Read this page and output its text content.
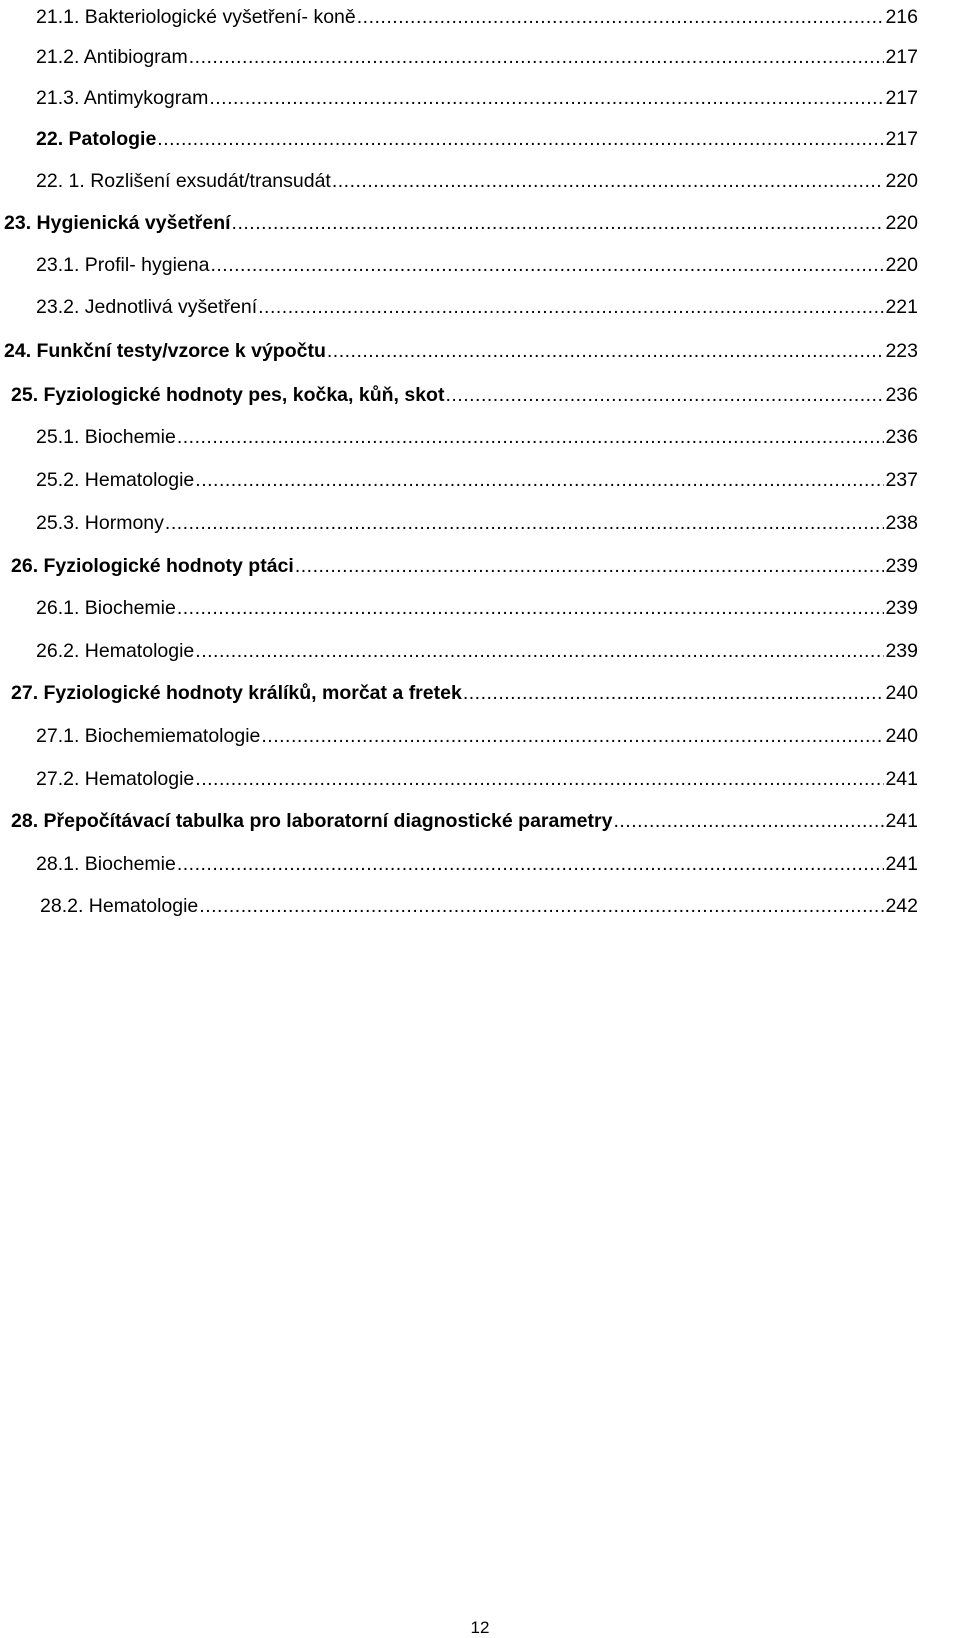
21.1. Bakteriologické vyšetření- koně .....	216
21.2. Antibiogram .....	217
21.3. Antimykogram .....	217
22. Patologie .....	217
22. 1. Rozlišení exsudát/transudát .....	220
23. Hygienická vyšetření .....	220
23.1. Profil- hygiena .....	220
23.2. Jednotlivá vyšetření .....	221
24. Funkční testy/vzorce k výpočtu .....	223
25. Fyziologické hodnoty pes, kočka, kůň, skot .....	236
25.1. Biochemie .....	236
25.2. Hematologie .....	237
25.3. Hormony .....	238
26. Fyziologické hodnoty ptáci .....	239
26.1. Biochemie .....	239
26.2. Hematologie .....	239
27. Fyziologické hodnoty králíků, morčat a fretek .....	240
27.1. Biochemiematologie .....	240
27.2. Hematologie .....	241
28. Přepočítávací tabulka pro laboratorní diagnostické parametry .....	241
28.1. Biochemie .....	241
28.2. Hematologie .....	242
12
